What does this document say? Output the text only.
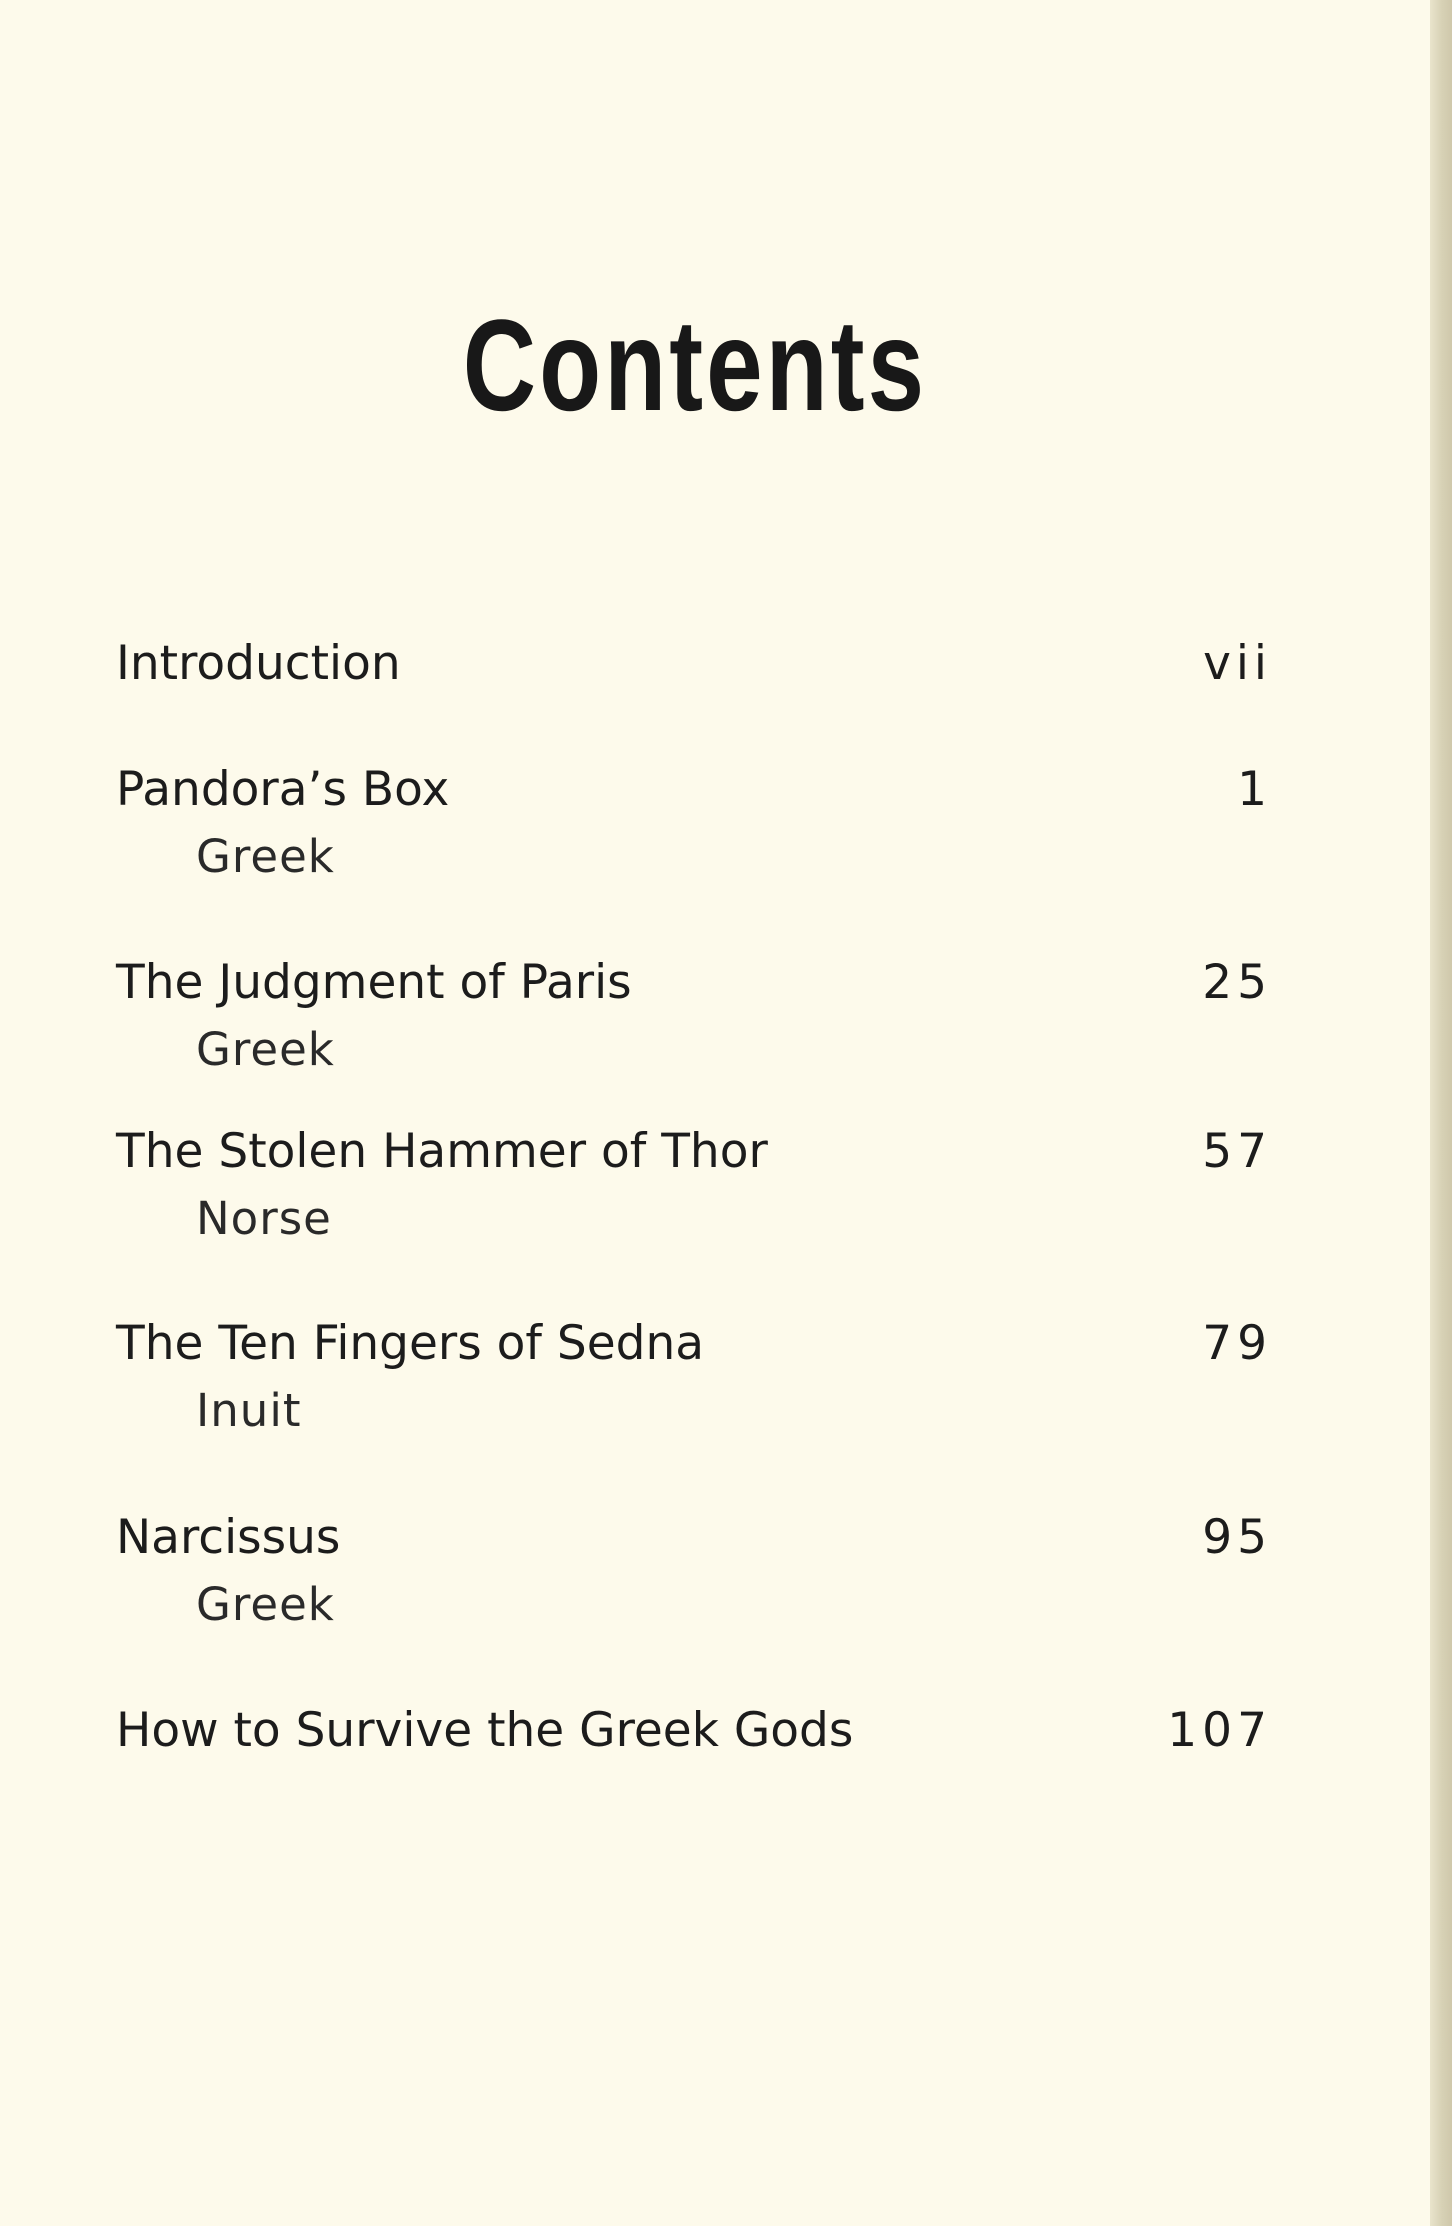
Contents
Introduction	vii
Pandora’s Box	1
Greek
The Judgment of Paris	25
Greek
The Stolen Hammer of Thor	57
Norse
The Ten Fingers of Sedna	79
Inuit
Narcissus	95
Greek
How to Survive the Greek Gods	107
